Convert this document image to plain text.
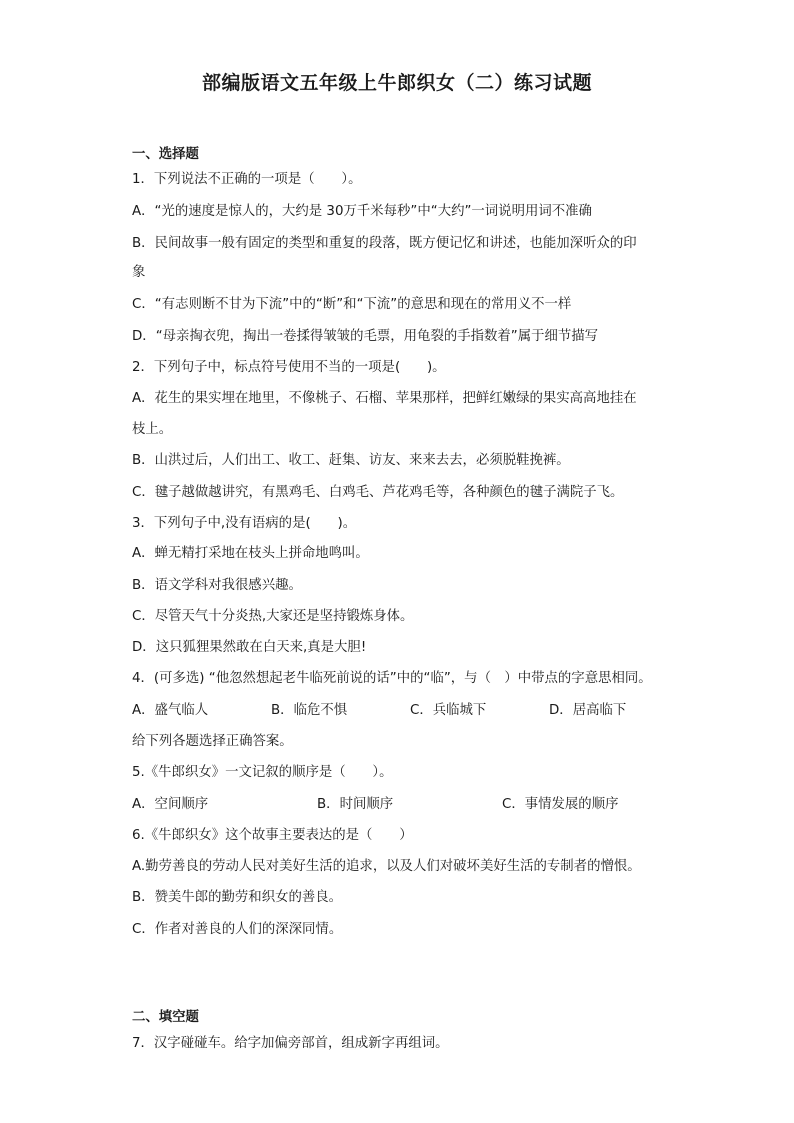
部编版语文五年级上牛郎织女（二）练习试题
一、选择题
1．下列说法不正确的一项是（　　）。
A．“光的速度是惊人的，大约是 30万千米每秒”中“大约”一词说明用词不准确
B．民间故事一般有固定的类型和重复的段落，既方便记忆和讲述，也能加深听众的印
象
C．“有志则断不甘为下流”中的“断”和“下流”的意思和现在的常用义不一样
D．“母亲掏衣兜，掏出一卷揉得皱皱的毛票，用龟裂的手指数着”属于细节描写
2．下列句子中，标点符号使用不当的一项是(　　)。
A．花生的果实埋在地里，不像桃子、石榴、苹果那样，把鲜红嫩绿的果实高高地挂在
枝上。
B．山洪过后，人们出工、收工、赶集、访友、来来去去，必须脱鞋挽裤。
C．毽子越做越讲究，有黑鸡毛、白鸡毛、芦花鸡毛等，各种颜色的毽子满院子飞。
3．下列句子中,没有语病的是(　　)。
A．蝉无精打采地在枝头上拼命地鸣叫。
B．语文学科对我很感兴趣。
C．尽管天气十分炎热,大家还是坚持锻炼身体。
D．这只狐狸果然敢在白天来,真是大胆!
4．(可多选) “他忽然想起老牛临死前说的话”中的“临”，与（　）中带点的字意思相同。
A．盛气临人	B．临危不惧	C．兵临城下	D．居高临下
给下列各题选择正确答案。
5.《牛郎织女》一文记叙的顺序是（　　）。
A．空间顺序	B．时间顺序	C．事情发展的顺序
6.《牛郎织女》这个故事主要表达的是（　　）
A.勤劳善良的劳动人民对美好生活的追求，以及人们对破坏美好生活的专制者的憎恨。
B．赞美牛郎的勤劳和织女的善良。
C．作者对善良的人们的深深同情。
二、填空题
7．汉字碰碰车。给字加偏旁部首，组成新字再组词。
